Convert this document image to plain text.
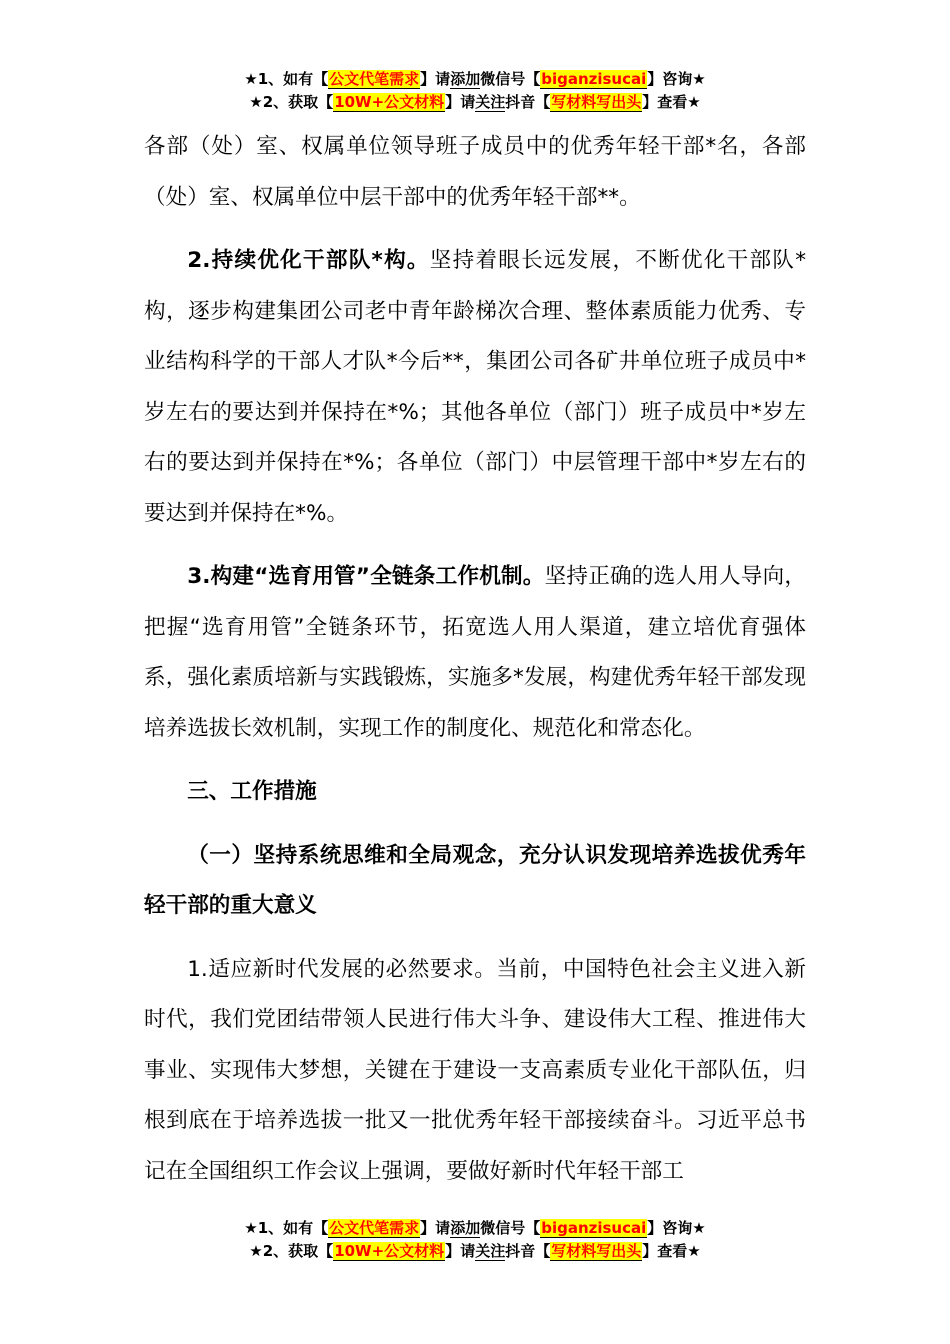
★1、如有【公文代笔需求】请添加微信号【biganzisucai】咨询★
★2、获取【10W+公文材料】请关注抖音【写材料写出头】查看★

各部（处）室、权属单位领导班子成员中的优秀年轻干部*名，各部（处）室、权属单位中层干部中的优秀年轻干部**。

2.持续优化干部队*构。坚持着眼长远发展，不断优化干部队*构，逐步构建集团公司老中青年龄梯次合理、整体素质能力优秀、专业结构科学的干部人才队*今后**，集团公司各矿井单位班子成员中*岁左右的要达到并保持在*%；其他各单位（部门）班子成员中*岁左右的要达到并保持在*%；各单位（部门）中层管理干部中*岁左右的要达到并保持在*%。

3.构建“选育用管”全链条工作机制。坚持正确的选人用人导向，把握“选育用管”全链条环节，拓宽选人用人渠道，建立培优育强体系，强化素质培新与实践锻炼，实施多*发展，构建优秀年轻干部发现培养选拔长效机制，实现工作的制度化、规范化和常态化。

三、工作措施

（一）坚持系统思维和全局观念，充分认识发现培养选拔优秀年轻干部的重大意义

1.适应新时代发展的必然要求。当前，中国特色社会主义进入新时代，我们党团结带领人民进行伟大斗争、建设伟大工程、推进伟大事业、实现伟大梦想，关键在于建设一支高素质专业化干部队伍，归根到底在于培养选拔一批又一批优秀年轻干部接续奋斗。习近平总书记在全国组织工作会议上强调，要做好新时代年轻干部工

★1、如有【公文代笔需求】请添加微信号【biganzisucai】咨询★
★2、获取【10W+公文材料】请关注抖音【写材料写出头】查看★
